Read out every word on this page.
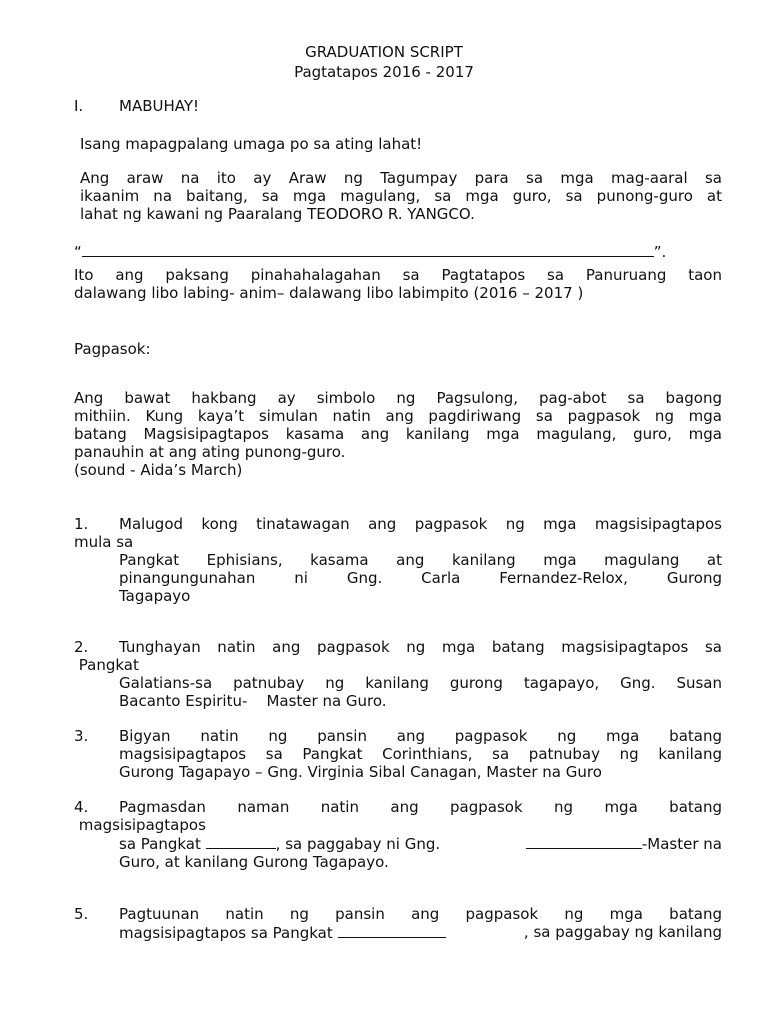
GRADUATION SCRIPT
Pagtatapos 2016 - 2017
I. MABUHAY!
Isang mapagpalang umaga po sa ating lahat!
Ang araw na ito ay Araw ng Tagumpay para sa mga mag-aaral sa
ikaanim na baitang, sa mga magulang, sa mga guro, sa punong-guro at
lahat ng kawani ng Paaralang TEODORO R. YANGCO.
“	”.
Ito ang paksang pinahahalagahan sa Pagtatapos sa Panuruang taon
dalawang libo labing- anim– dalawang libo labimpito (2016 – 2017 )
Pagpasok:
Ang bawat hakbang ay simbolo ng Pagsulong, pag-abot sa bagong
mithiin. Kung kaya’t simulan natin ang pagdiriwang sa pagpasok ng mga
batang Magsisipagtapos kasama ang kanilang mga magulang, guro, mga
panauhin at ang ating punong-guro.
(sound - Aida’s March)
1.	Malugod kong tinatawagan ang pagpasok ng mga magsisipagtapos
mula sa
Pangkat Ephisians, kasama ang kanilang mga magulang at
pinangungunahan ni Gng. Carla Fernandez-Relox, Gurong
Tagapayo
2.	Tunghayan natin ang pagpasok ng mga batang magsisipagtapos sa
Pangkat
Galatians-sa patnubay ng kanilang gurong tagapayo, Gng. Susan
Bacanto Espiritu-    Master na Guro.
3.	Bigyan natin ng pansin ang pagpasok ng mga batang
magsisipagtapos sa Pangkat Corinthians, sa patnubay ng kanilang
Gurong Tagapayo – Gng. Virginia Sibal Canagan, Master na Guro
4.	Pagmasdan naman natin ang pagpasok ng mga batang
magsisipagtapos
sa Pangkat	, sa paggabay ni Gng.	-Master na
Guro, at kanilang Gurong Tagapayo.
5.	Pagtuunan natin ng pansin ang pagpasok ng mga batang
magsisipagtapos sa Pangkat	, sa paggabay ng kanilang
